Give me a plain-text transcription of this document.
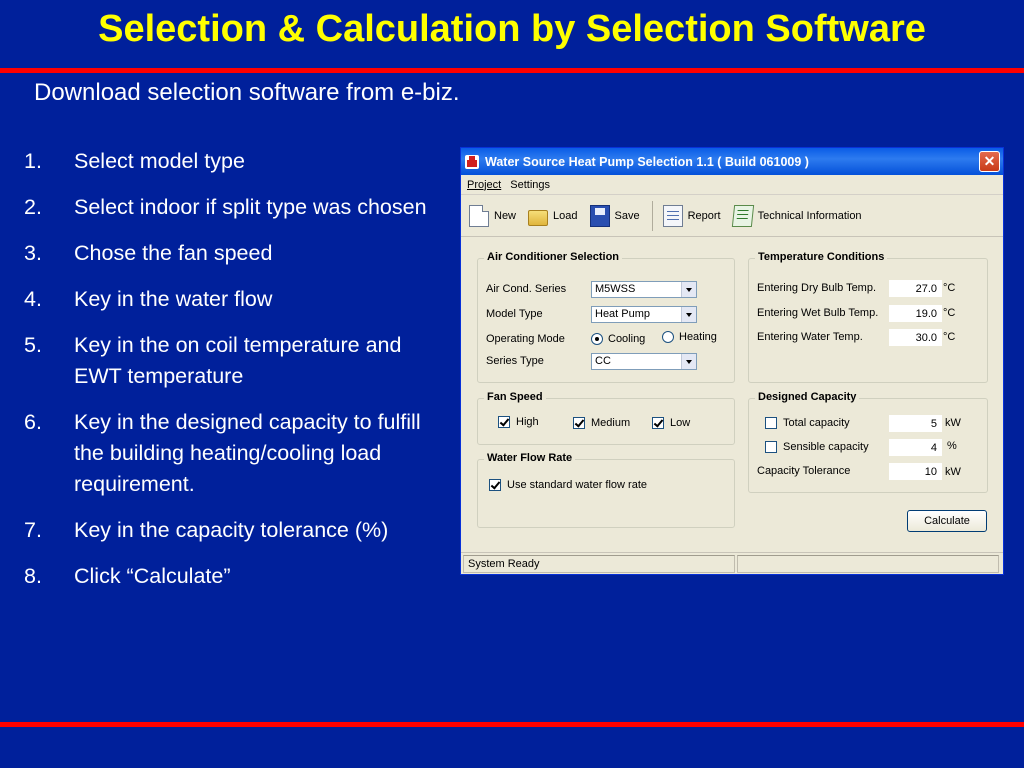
Selection & Calculation by Selection Software
Download selection software from e-biz.
1.	Select model type
2.	Select indoor if split type was chosen
3.	Chose the fan speed
4.	Key in the water flow
5.	Key in the on coil temperature and EWT temperature
6.	Key in the designed capacity to fulfill the building heating/cooling load requirement.
7.	Key in the capacity tolerance (%)
8.	Click “Calculate”
Water Source Heat Pump Selection 1.1 ( Build 061009 )	✕
Project Settings
New	Load	Save	Report	Technical Information
Air Conditioner Selection
Air Cond. Series	M5WSS
Model Type	Heat Pump
Operating Mode	Cooling	Heating
Series Type	CC
Temperature Conditions
Entering Dry Bulb Temp.	27.0 °C
Entering Wet Bulb Temp.	19.0 °C
Entering Water Temp.	30.0 °C
Fan Speed
High	Medium	Low
Designed Capacity
Total capacity	5 kW
Sensible capacity	4 %
Capacity Tolerance	10 kW
Water Flow Rate
Use standard water flow rate
Calculate
System Ready
